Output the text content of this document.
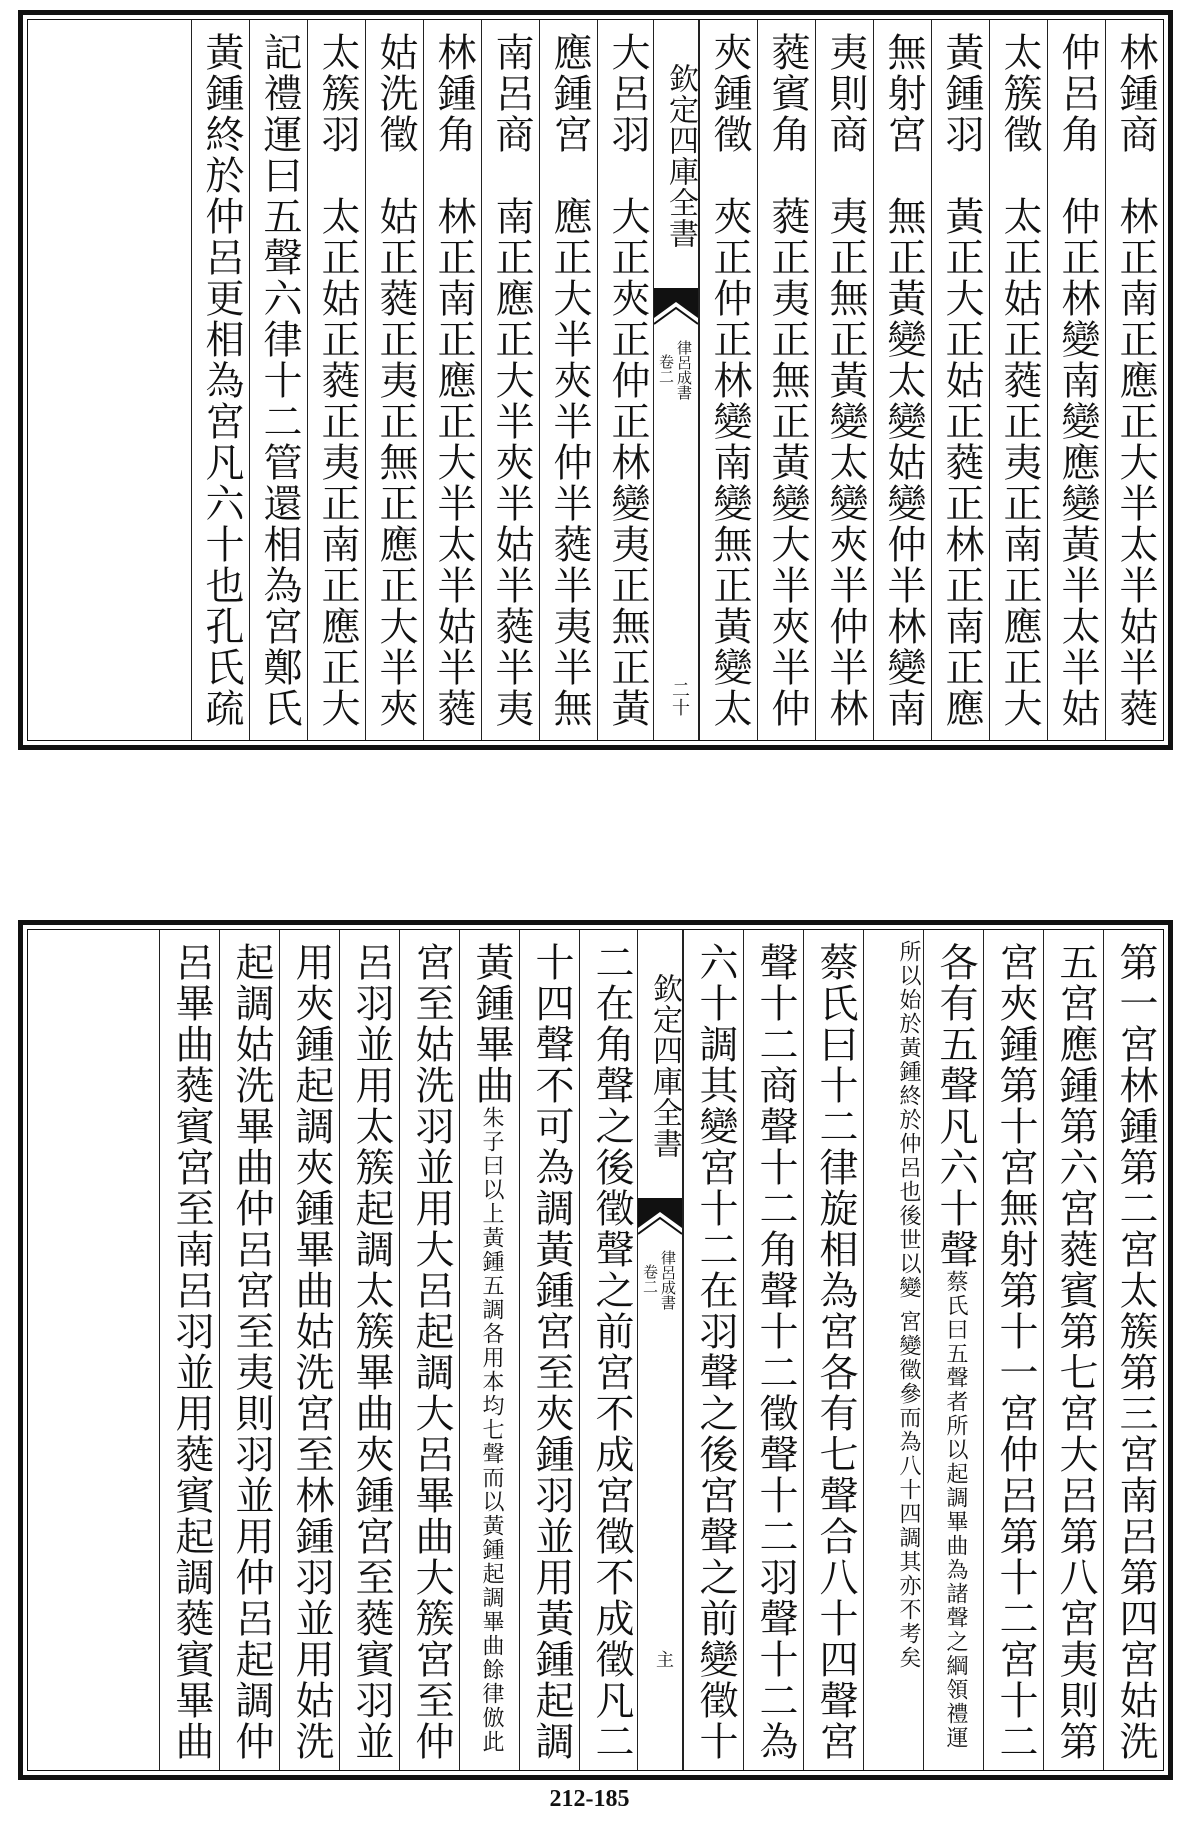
林鍾商　林正南正應正大半太半姑半蕤
仲呂角　仲正林變南變應變黃半太半姑
太簇徵　太正姑正蕤正夷正南正應正大
黃鍾羽　黃正大正姑正蕤正林正南正應
無射宮　無正黃變太變姑變仲半林變南
夷則商　夷正無正黃變太變夾半仲半林
蕤賓角　蕤正夷正無正黃變大半夾半仲
夾鍾徵　夾正仲正林變南變無正黃變太
欽定四庫全書
律呂成書
卷二
二十
大呂羽　大正夾正仲正林變夷正無正黃
應鍾宮　應正大半夾半仲半蕤半夷半無
南呂商　南正應正大半夾半姑半蕤半夷
林鍾角　林正南正應正大半太半姑半蕤
姑洗徵　姑正蕤正夷正無正應正大半夾
太簇羽　太正姑正蕤正夷正南正應正大
記禮運曰五聲六律十二管還相為宮鄭氏
黃鍾終於仲呂更相為宮凡六十也孔氏疏
第一宮林鍾第二宮太簇第三宮南呂第四宮姑洗
五宮應鍾第六宮蕤賓第七宮大呂第八宮夷則第
宮夾鍾第十宮無射第十一宮仲呂第十二宮十二
各有五聲凡六十聲蔡氏曰五聲者所以起調畢曲為諸聲之綱領禮運
所以始於黃鍾終於仲呂也後世以變
宮變徵參而為八十四調其亦不考矣
蔡氏曰十二律旋相為宮各有七聲合八十四聲宮
聲十二商聲十二角聲十二徵聲十二羽聲十二為
六十調其變宮十二在羽聲之後宮聲之前變徵十
欽定四庫全書
律呂成書
卷二
主
二在角聲之後徵聲之前宮不成宮徵不成徵凡二
十四聲不可為調黃鍾宮至夾鍾羽並用黃鍾起調
黃鍾畢曲朱子曰以上黃鍾五調各用本均七聲而以黃鍾起調畢曲餘律倣此
宮至姑洗羽並用大呂起調大呂畢曲大簇宮至仲
呂羽並用太簇起調太簇畢曲夾鍾宮至蕤賓羽並
用夾鍾起調夾鍾畢曲姑洗宮至林鍾羽並用姑洗
起調姑洗畢曲仲呂宮至夷則羽並用仲呂起調仲
呂畢曲蕤賓宮至南呂羽並用蕤賓起調蕤賓畢曲
212-185
